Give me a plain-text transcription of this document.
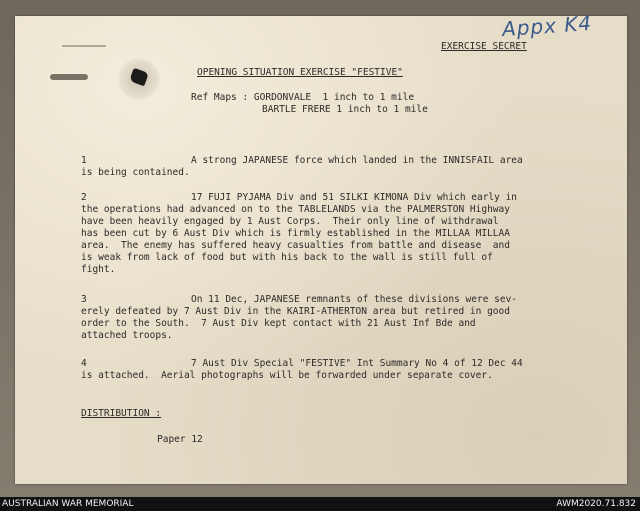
Appx K4
EXERCISE SECRET
OPENING SITUATION EXERCISE "FESTIVE"
Ref Maps : GORDONVALE  1 inch to 1 mile
BARTLE FRERE 1 inch to 1 mile
1	A strong JAPANESE force which landed in the INNISFAIL area
is being contained.
2	17 FUJI PYJAMA Div and 51 SILKI KIMONA Div which early in
the operations had advanced on to the TABLELANDS via the PALMERSTON Highway
have been heavily engaged by 1 Aust Corps.  Their only line of withdrawal
has been cut by 6 Aust Div which is firmly established in the MILLAA MILLAA
area.  The enemy has suffered heavy casualties from battle and disease  and
is weak from lack of food but with his back to the wall is still full of
fight.
3	On 11 Dec, JAPANESE remnants of these divisions were sev-
erely defeated by 7 Aust Div in the KAIRI-ATHERTON area but retired in good
order to the South.  7 Aust Div kept contact with 21 Aust Inf Bde and
attached troops.
4	7 Aust Div Special "FESTIVE" Int Summary No 4 of 12 Dec 44
is attached.  Aerial photographs will be forwarded under separate cover.
DISTRIBUTION :
Paper 12
AUSTRALIAN WAR MEMORIAL	AWM2020.71.832
